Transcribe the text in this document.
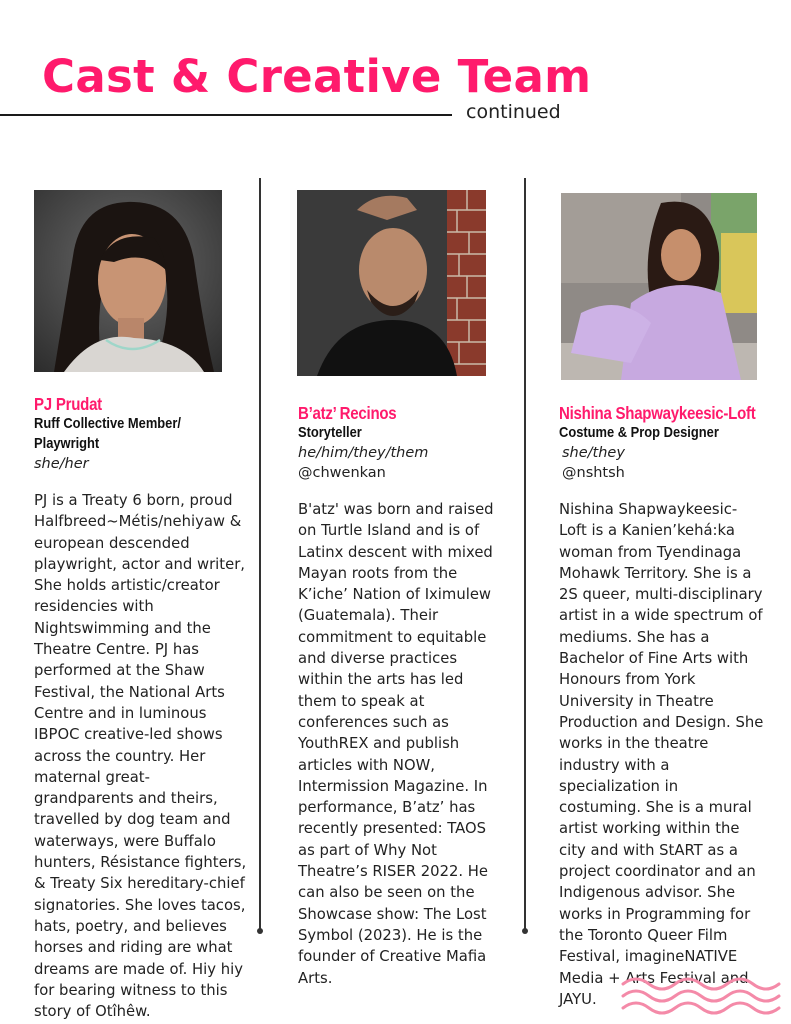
Cast & Creative Team
continued
PJ Prudat
Ruff Collective Member/
Playwright
she/her
PJ is a Treaty 6 born, proud Halfbreed~Métis/nehiyaw & european descended playwright, actor and writer, She holds artistic/creator residencies with Nightswimming and the Theatre Centre. PJ has performed at the Shaw Festival, the National Arts Centre and in luminous IBPOC creative-led shows across the country. Her maternal great-grandparents and theirs, travelled by dog team and waterways, were Buffalo hunters, Résistance fighters, & Treaty Six hereditary-chief signatories. She loves tacos, hats, poetry, and believes horses and riding are what dreams are made of. Hiy hiy for bearing witness to this story of Otîhêw.
B’atz’ Recinos
Storyteller
he/him/they/them
@chwenkan
B'atz' was born and raised on Turtle Island and is of Latinx descent with mixed Mayan roots from the K’iche’ Nation of Iximulew (Guatemala). Their commitment to equitable and diverse practices within the arts has led them to speak at conferences such as YouthREX and publish articles with NOW, Intermission Magazine. In performance, B’atz’ has recently presented: TAOS as part of Why Not Theatre’s RISER 2022. He can also be seen on the Showcase show: The Lost Symbol (2023). He is the founder of Creative Mafia Arts.
Nishina Shapwaykeesic-Loft
Costume & Prop Designer
she/they
@nshtsh
Nishina Shapwaykeesic-Loft is a Kanien’kehá:ka woman from Tyendinaga Mohawk Territory. She is a 2S queer, multi-disciplinary artist in a wide spectrum of mediums. She has a Bachelor of Fine Arts with Honours from York University in Theatre Production and Design. She works in the theatre industry with a specialization in costuming. She is a mural artist working within the city and with StART as a project coordinator and an Indigenous advisor. She works in Programming for the Toronto Queer Film Festival, imagineNATIVE Media + Arts Festival and JAYU.
